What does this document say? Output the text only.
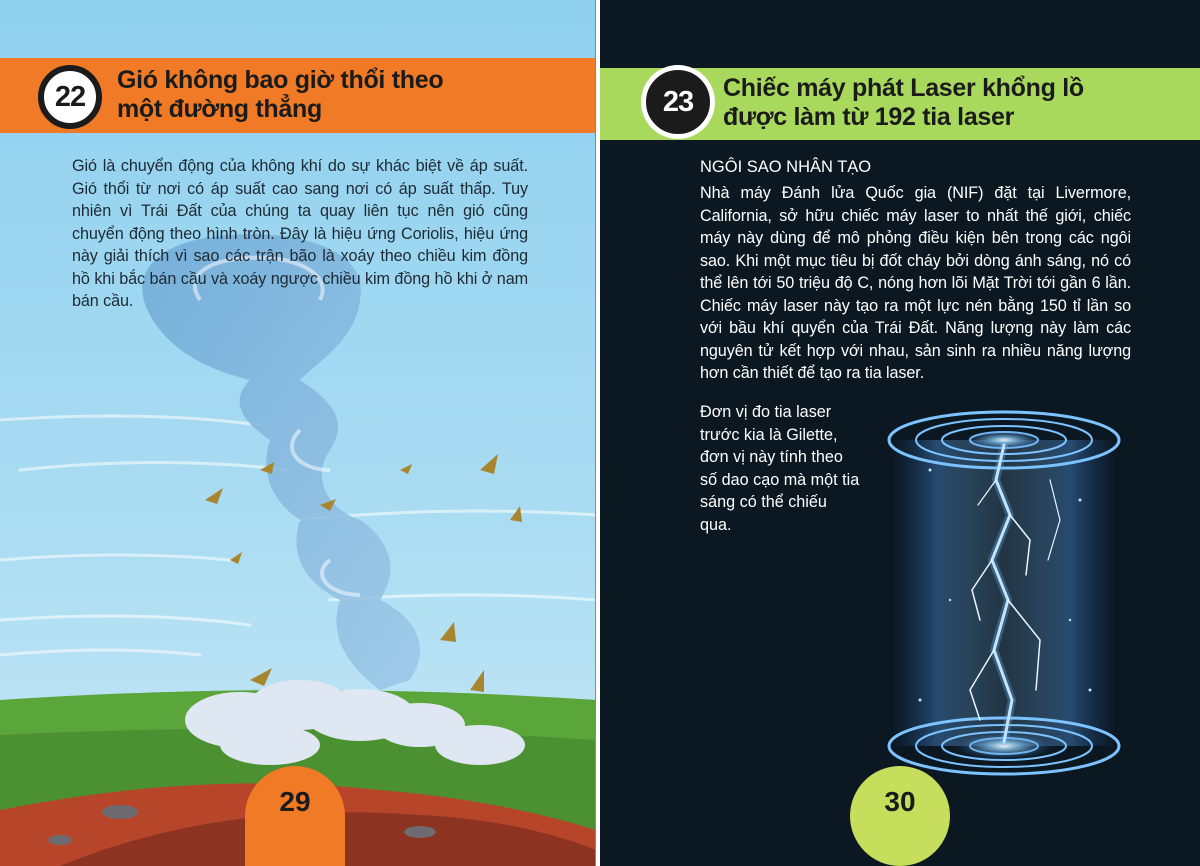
22
Gió không bao giờ thổi theo
một đường thẳng

Gió là chuyển động của không khí do sự khác biệt về áp suất. Gió thổi từ nơi có áp suất cao sang nơi có áp suất thấp. Tuy nhiên vì Trái Đất của chúng ta quay liên tục nên gió cũng chuyển động theo hình tròn. Đây là hiệu ứng Coriolis, hiệu ứng này giải thích vì sao các trận bão là xoáy theo chiều kim đồng hồ khi bắc bán cầu và xoáy ngược chiều kim đồng hồ khi ở nam bán cầu.

29
23	Chiếc máy phát Laser khổng lồ
được làm từ 192 tia laser
NGÔI SAO NHÂN TẠO

Nhà máy Đánh lửa Quốc gia (NIF) đặt tại Livermore, California, sở hữu chiếc máy laser to nhất thế giới, chiếc máy này dùng để mô phỏng điều kiện bên trong các ngôi sao. Khi một mục tiêu bị đốt cháy bởi dòng ánh sáng, nó có thể lên tới 50 triệu độ C, nóng hơn lõi Mặt Trời tới gần 6 lần. Chiếc máy laser này tạo ra một lực nén bằng 150 tỉ lần so với bầu khí quyển của Trái Đất. Năng lượng này làm các nguyên tử kết hợp với nhau, sản sinh ra nhiều năng lượng hơn cần thiết để tạo ra tia laser.

Đơn vị đo tia laser trước kia là Gilette, đơn vị này tính theo số dao cạo mà một tia sáng có thể chiếu qua.

30
